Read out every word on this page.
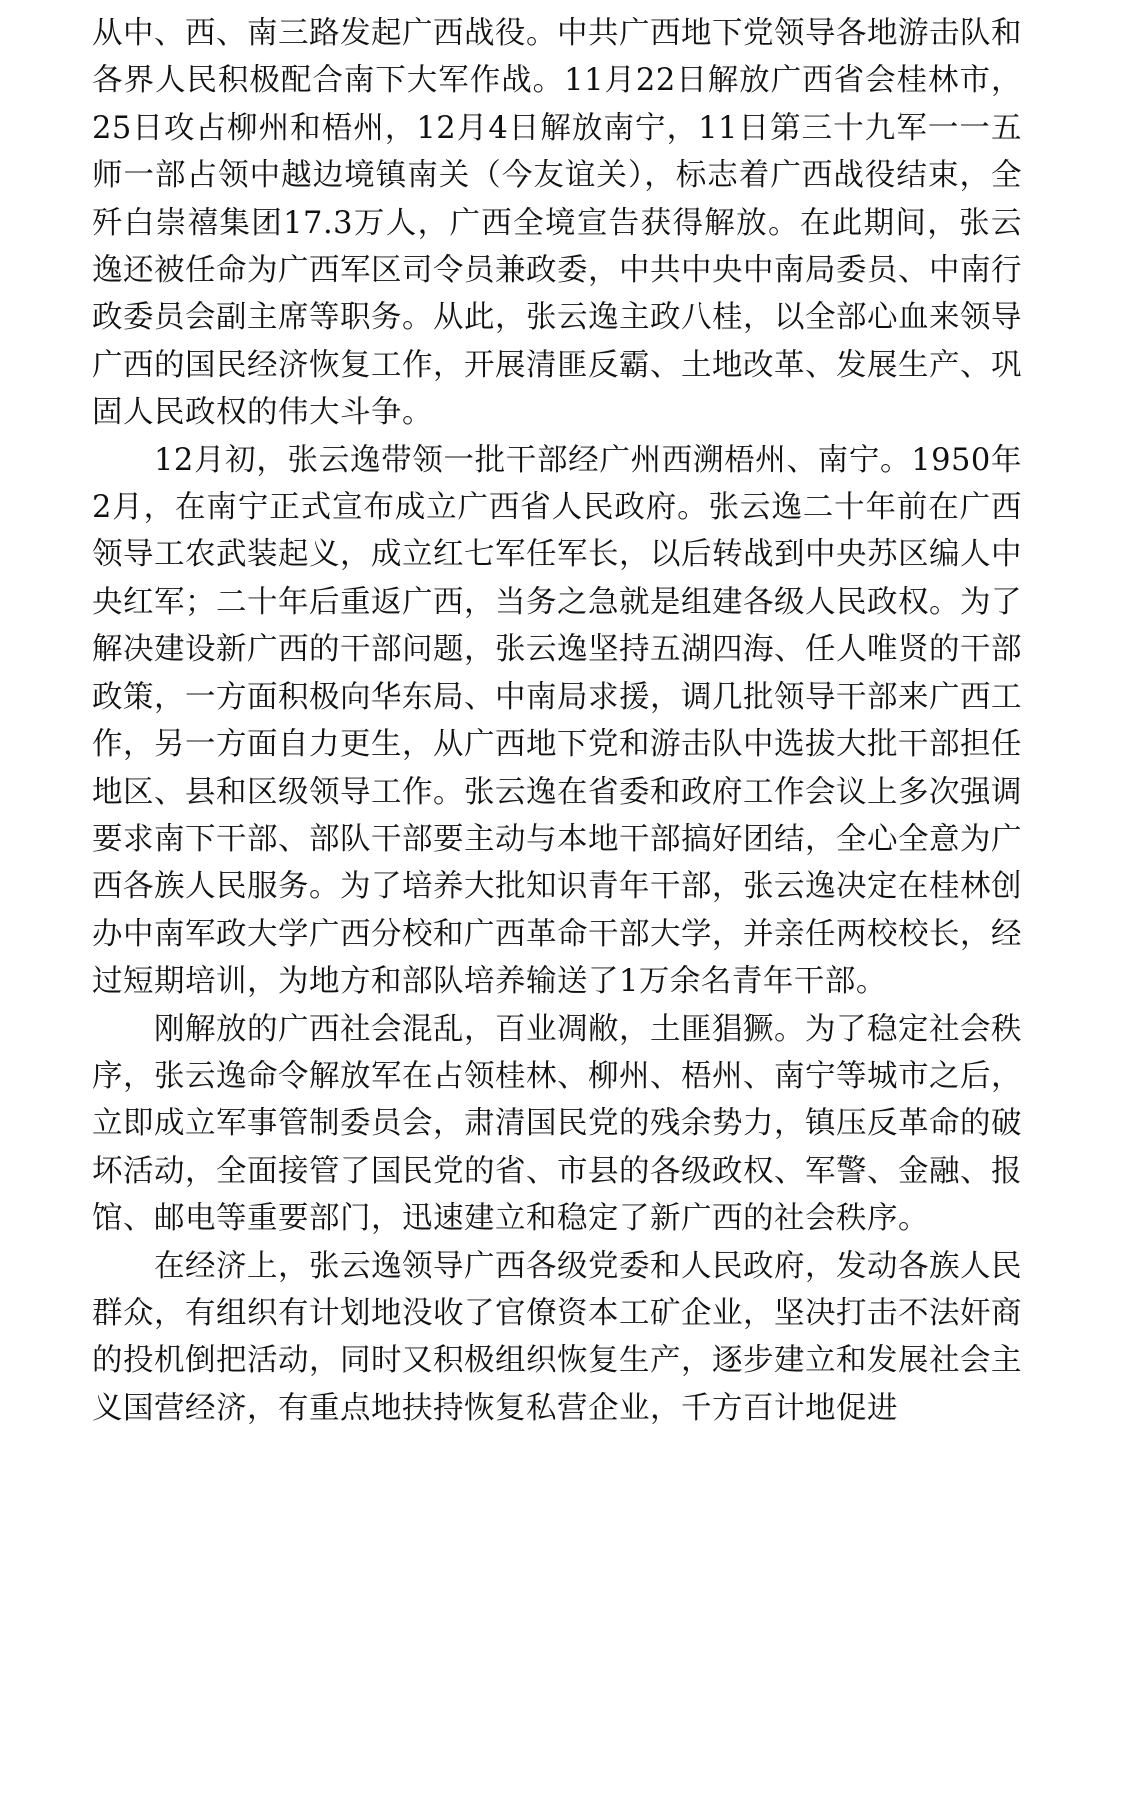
从中、西、南三路发起广西战役。中共广西地下党领导各地游击队和各界人民积极配合南下大军作战。11月22日解放广西省会桂林市，25日攻占柳州和梧州，12月4日解放南宁，11日第三十九军一一五师一部占领中越边境镇南关（今友谊关），标志着广西战役结束，全歼白崇禧集团17.3万人，广西全境宣告获得解放。在此期间，张云逸还被任命为广西军区司令员兼政委，中共中央中南局委员、中南行政委员会副主席等职务。从此，张云逸主政八桂，以全部心血来领导广西的国民经济恢复工作，开展清匪反霸、土地改革、发展生产、巩固人民政权的伟大斗争。

12月初，张云逸带领一批干部经广州西溯梧州、南宁。1950年2月，在南宁正式宣布成立广西省人民政府。张云逸二十年前在广西领导工农武装起义，成立红七军任军长，以后转战到中央苏区编人中央红军；二十年后重返广西，当务之急就是组建各级人民政权。为了解决建设新广西的干部问题，张云逸坚持五湖四海、任人唯贤的干部政策，一方面积极向华东局、中南局求援，调几批领导干部来广西工作，另一方面自力更生，从广西地下党和游击队中选拔大批干部担任地区、县和区级领导工作。张云逸在省委和政府工作会议上多次强调要求南下干部、部队干部要主动与本地干部搞好团结，全心全意为广西各族人民服务。为了培养大批知识青年干部，张云逸决定在桂林创办中南军政大学广西分校和广西革命干部大学，并亲任两校校长，经过短期培训，为地方和部队培养输送了1万余名青年干部。

刚解放的广西社会混乱，百业凋敝，土匪猖獗。为了稳定社会秩序，张云逸命令解放军在占领桂林、柳州、梧州、南宁等城市之后，立即成立军事管制委员会，肃清国民党的残余势力，镇压反革命的破坏活动，全面接管了国民党的省、市县的各级政权、军警、金融、报馆、邮电等重要部门，迅速建立和稳定了新广西的社会秩序。

在经济上，张云逸领导广西各级党委和人民政府，发动各族人民群众，有组织有计划地没收了官僚资本工矿企业，坚决打击不法奸商的投机倒把活动，同时又积极组织恢复生产，逐步建立和发展社会主义国营经济，有重点地扶持恢复私营企业，千方百计地促进
